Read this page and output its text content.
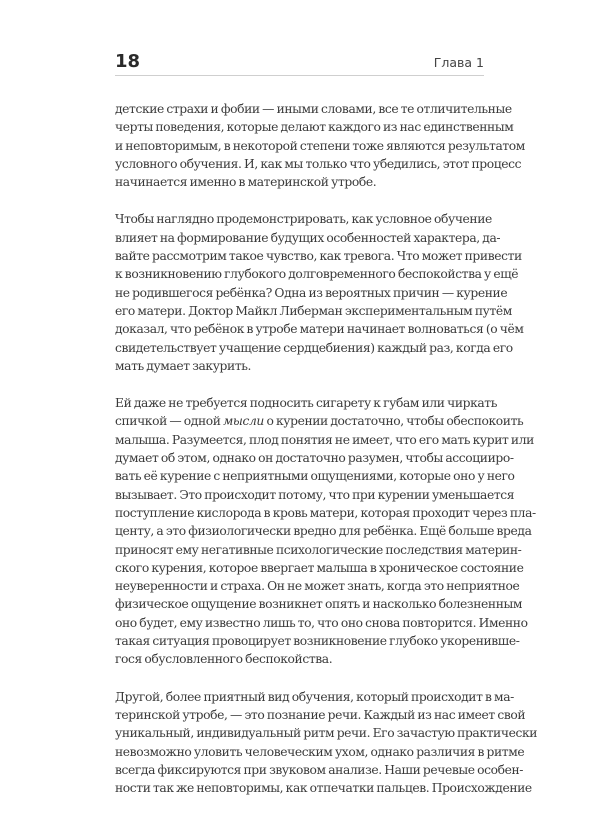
18	Глава 1

детские страхи и фобии — иными словами, все те отличительные
черты поведения, которые делают каждого из нас единственным
и неповторимым, в некоторой степени тоже являются результатом
условного обучения. И, как мы только что убедились, этот процесс
начинается именно в материнской утробе.

Чтобы наглядно продемонстрировать, как условное обучение
влияет на формирование будущих особенностей характера, да-
вайте рассмотрим такое чувство, как тревога. Что может привести
к возникновению глубокого долговременного беспокойства у ещё
не родившегося ребёнка? Одна из вероятных причин — курение
его матери. Доктор Майкл Либерман экспериментальным путём
доказал, что ребёнок в утробе матери начинает волноваться (о чём
свидетельствует учащение сердцебиения) каждый раз, когда его
мать думает закурить.

Ей даже не требуется подносить сигарету к губам или чиркать
спичкой — одной мысли о курении достаточно, чтобы обеспокоить
малыша. Разумеется, плод понятия не имеет, что его мать курит или
думает об этом, однако он достаточно разумен, чтобы ассоцииро-
вать её курение с неприятными ощущениями, которые оно у него
вызывает. Это происходит потому, что при курении уменьшается
поступление кислорода в кровь матери, которая проходит через пла-
центу, а это физиологически вредно для ребёнка. Ещё больше вреда
приносят ему негативные психологические последствия материн-
ского курения, которое ввергает малыша в хроническое состояние
неуверенности и страха. Он не может знать, когда это неприятное
физическое ощущение возникнет опять и насколько болезненным
оно будет, ему известно лишь то, что оно снова повторится. Именно
такая ситуация провоцирует возникновение глубоко укоренивше-
гося обусловленного беспокойства.

Другой, более приятный вид обучения, который происходит в ма-
теринской утробе, — это познание речи. Каждый из нас имеет свой
уникальный, индивидуальный ритм речи. Его зачастую практически
невозможно уловить человеческим ухом, однако различия в ритме
всегда фиксируются при звуковом анализе. Наши речевые особен-
ности так же неповторимы, как отпечатки пальцев. Происхождение
